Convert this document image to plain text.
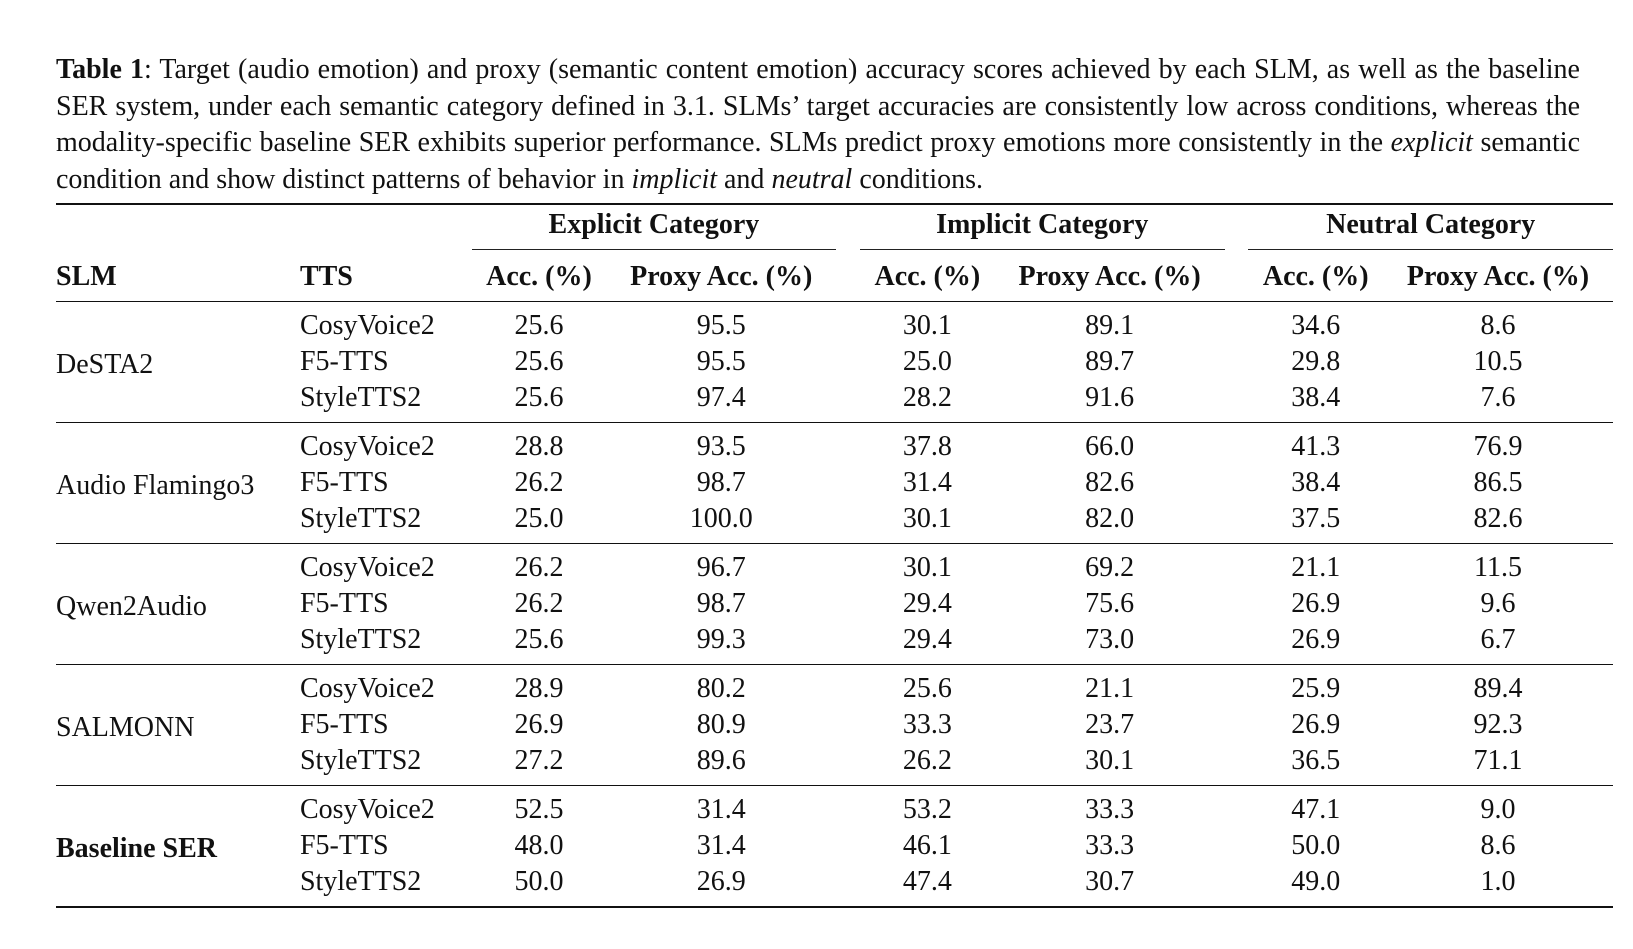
Table 1: Target (audio emotion) and proxy (semantic content emotion) accuracy scores achieved by each SLM, as well as the baseline SER system, under each semantic category defined in 3.1. SLMs’ target accuracies are consistently low across conditions, whereas the modality-specific baseline SER exhibits superior performance. SLMs predict proxy emotions more consistently in the explicit semantic condition and show distinct patterns of behavior in implicit and neutral conditions.

		Explicit Category			Implicit Category			Neutral Category	

SLM	TTS	Acc. (%)	Proxy Acc. (%)		Acc. (%)	Proxy Acc. (%)		Acc. (%)	Proxy Acc. (%)
DeSTA2	CosyVoice2	25.6	95.5		30.1	89.1		34.6	8.6
	F5-TTS	25.6	95.5		25.0	89.7		29.8	10.5
	StyleTTS2	25.6	97.4		28.2	91.6		38.4	7.6
Audio Flamingo3	CosyVoice2	28.8	93.5		37.8	66.0		41.3	76.9
	F5-TTS	26.2	98.7		31.4	82.6		38.4	86.5
	StyleTTS2	25.0	100.0		30.1	82.0		37.5	82.6
Qwen2Audio	CosyVoice2	26.2	96.7		30.1	69.2		21.1	11.5
	F5-TTS	26.2	98.7		29.4	75.6		26.9	9.6
	StyleTTS2	25.6	99.3		29.4	73.0		26.9	6.7
SALMONN	CosyVoice2	28.9	80.2		25.6	21.1		25.9	89.4
	F5-TTS	26.9	80.9		33.3	23.7		26.9	92.3
	StyleTTS2	27.2	89.6		26.2	30.1		36.5	71.1
Baseline SER	CosyVoice2	52.5	31.4		53.2	33.3		47.1	9.0
	F5-TTS	48.0	31.4		46.1	33.3		50.0	8.6
	StyleTTS2	50.0	26.9		47.4	30.7		49.0	1.0
